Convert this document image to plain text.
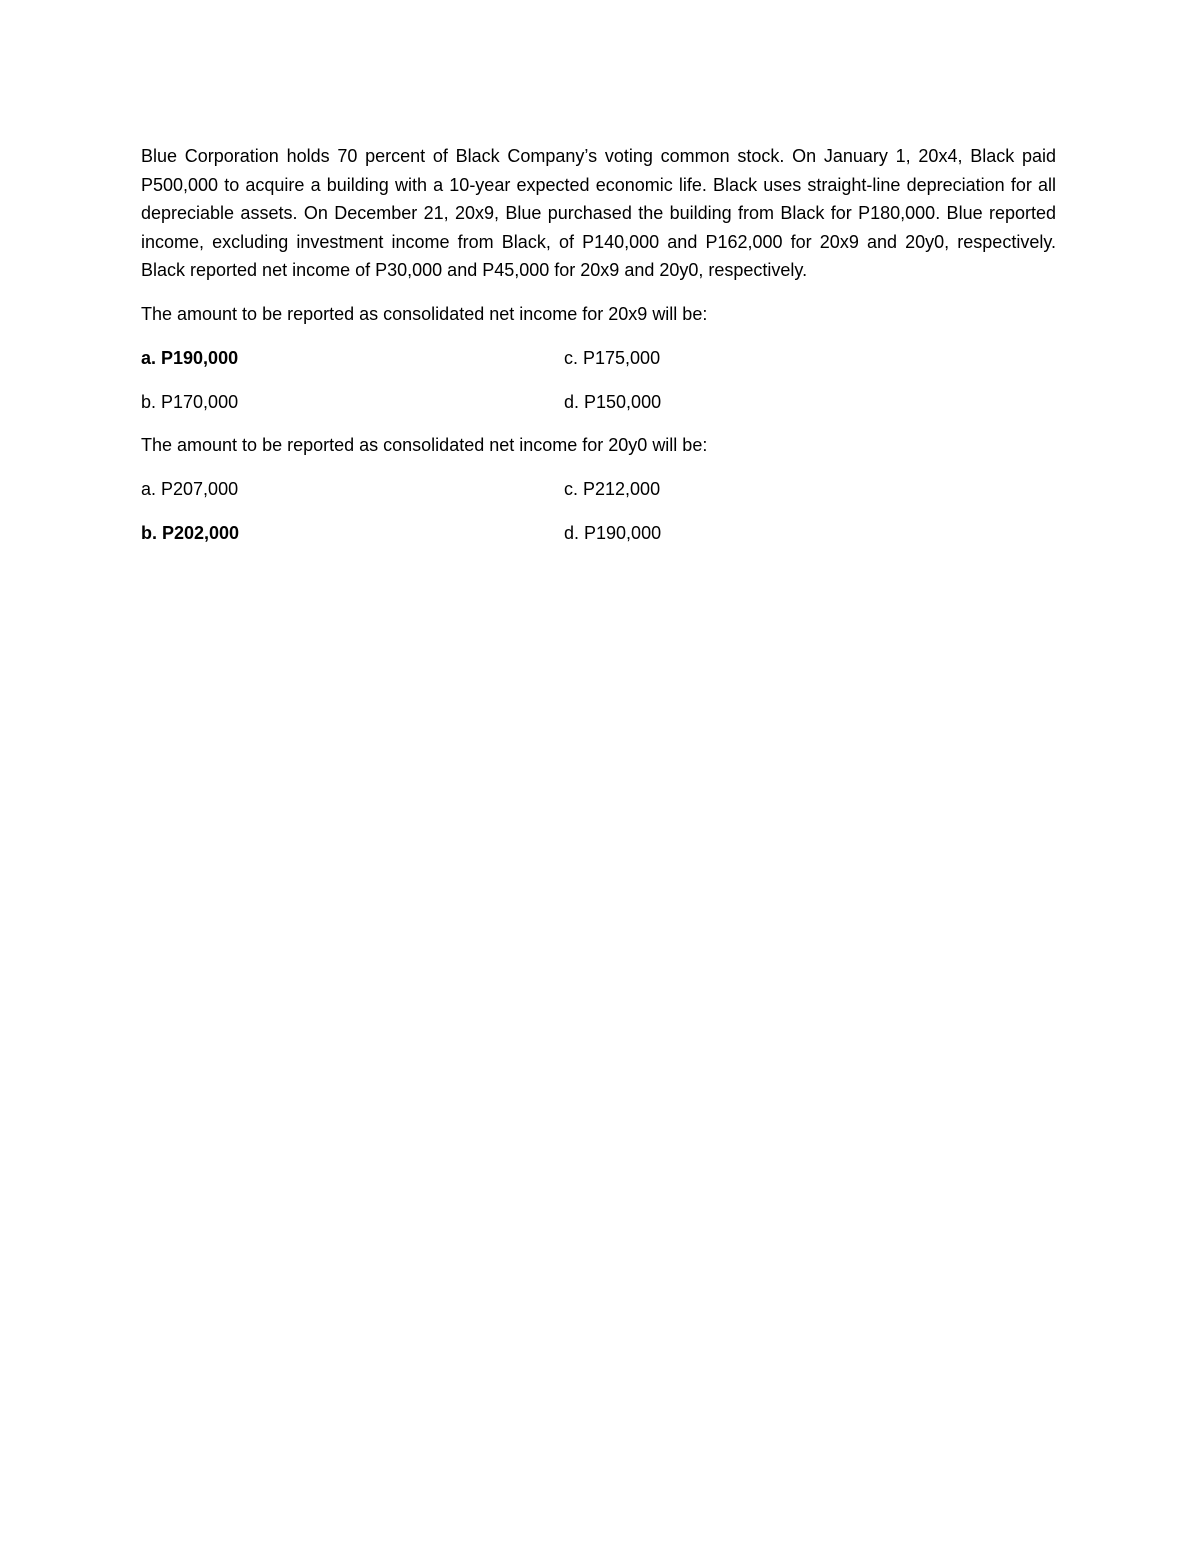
Blue Corporation holds 70 percent of Black Company’s voting common stock. On January 1, 20x4, Black paid P500,000 to acquire a building with a 10-year expected economic life. Black uses straight-line depreciation for all depreciable assets. On December 21, 20x9, Blue purchased the building from Black for P180,000. Blue reported income, excluding investment income from Black, of P140,000 and P162,000 for 20x9 and 20y0, respectively. Black reported net income of P30,000 and P45,000 for 20x9 and 20y0, respectively.

The amount to be reported as consolidated net income for 20x9 will be:

a. P190,000	c. P175,000
b. P170,000	d. P150,000

The amount to be reported as consolidated net income for 20y0 will be:

a. P207,000	c. P212,000
b. P202,000	d. P190,000
